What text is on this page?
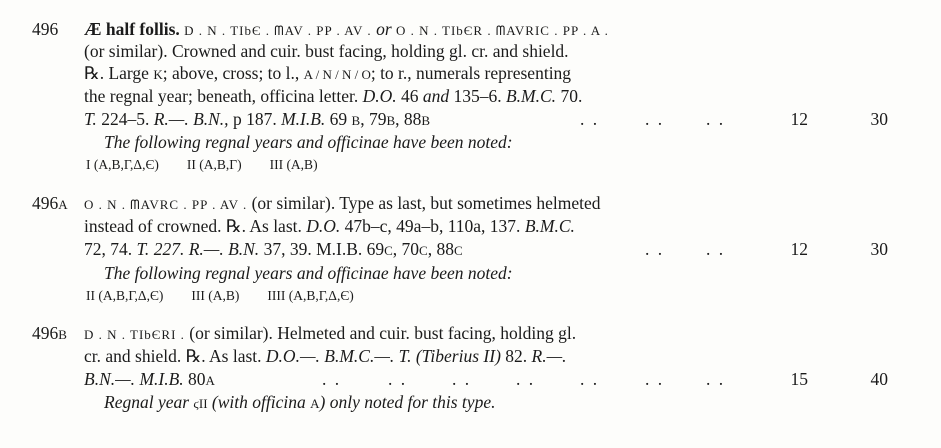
496 Æ half follis. D . N . TIbЄ . ᗰAV . PP . AV . or O . N . TIbЄR . ᗰAVRIC . PP . A .
(or similar). Crowned and cuir. bust facing, holding gl. cr. and shield.
℞. Large K; above, cross; to l., A / N / N / O; to r., numerals representing
the regnal year; beneath, officina letter. D.O. 46 and 135–6. B.M.C. 70.
T. 224–5. R.—. B.N., p 187. M.I.B. 69 B, 79B, 88B	. .	. . . .	12	30
The following regnal years and officinae have been noted:
I (A,B,Γ,Δ,Є) II (A,B,Γ) III (A,B)
496A O . N . ᗰAVRC . PP . AV . (or similar). Type as last, but sometimes helmeted
instead of crowned. ℞. As last. D.O. 47b–c, 49a–b, 110a, 137. B.M.C.
72, 74. T. 227. R.—. B.N. 37, 39. M.I.B. 69C, 70C, 88C	. . . .	12	30
The following regnal years and officinae have been noted:
II (A,B,Γ,Δ,Є) III (A,B) IIII (A,B,Γ,Δ,Є)
496B D . N . TIbЄRI . (or similar). Helmeted and cuir. bust facing, holding gl.
cr. and shield. ℞. As last. D.O.—. B.M.C.—. T. (Tiberius II) 82. R.—.
B.N.—. M.I.B. 80A	. .	. .	. .	. .	. .	. . . .	15	40
Regnal year ϛII (with officina A) only noted for this type.
